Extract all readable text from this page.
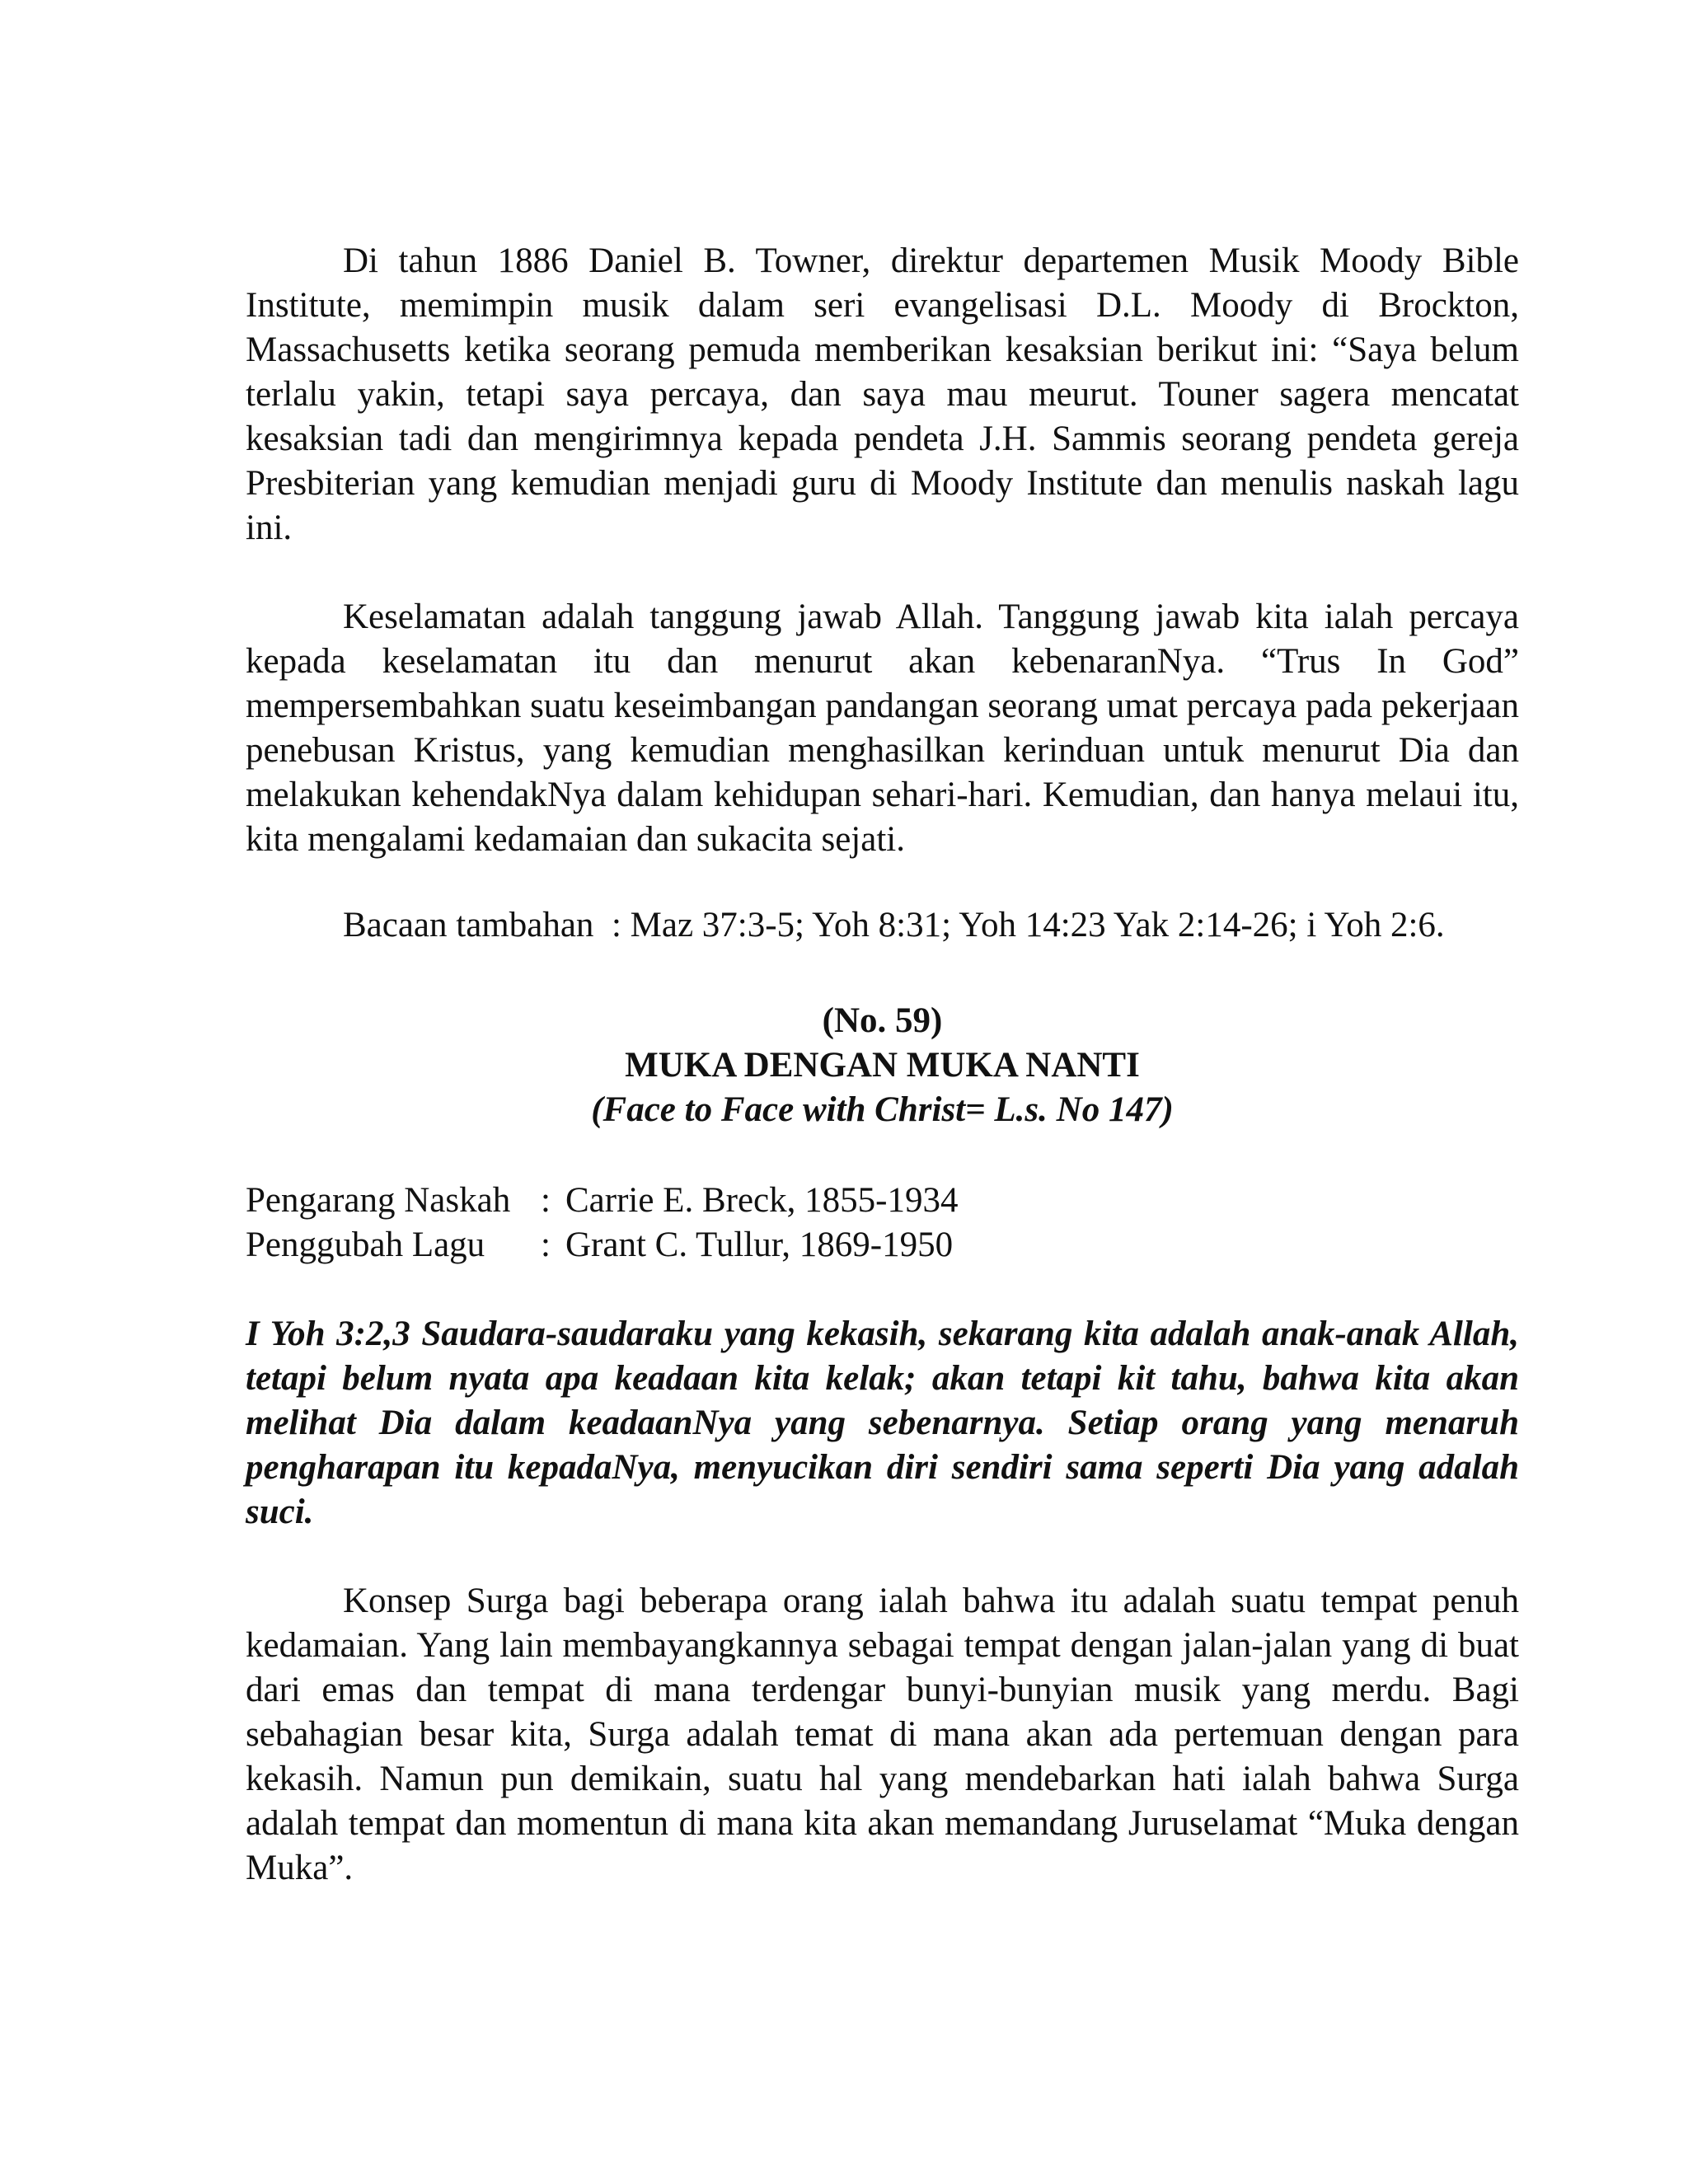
Di tahun 1886 Daniel B. Towner, direktur departemen Musik Moody Bible Institute, memimpin musik dalam seri evangelisasi D.L. Moody di Brockton, Massachusetts ketika seorang pemuda memberikan kesaksian berikut ini: “Saya belum terlalu yakin, tetapi saya percaya, dan saya mau meurut. Touner sagera mencatat kesaksian tadi dan mengirimnya kepada pendeta J.H. Sammis seorang pendeta gereja Presbiterian yang kemudian menjadi guru di Moody Institute dan menulis naskah lagu ini.

Keselamatan adalah tanggung jawab Allah. Tanggung jawab kita ialah percaya kepada keselamatan itu dan menurut akan kebenaranNya. “Trus In God” mempersembahkan suatu keseimbangan pandangan seorang umat percaya pada pekerjaan penebusan Kristus, yang kemudian menghasilkan kerinduan untuk menurut Dia dan melakukan kehendakNya dalam kehidupan sehari-hari. Kemudian, dan hanya melaui itu, kita mengalami kedamaian dan sukacita sejati.

Bacaan tambahan : Maz 37:3-5; Yoh 8:31; Yoh 14:23 Yak 2:14-26; i Yoh 2:6.

(No. 59)
MUKA DENGAN MUKA NANTI
(Face to Face with Christ= L.s. No 147)
Pengarang Naskah : Carrie E. Breck, 1855-1934
Penggubah Lagu	: Grant C. Tullur, 1869-1950

I Yoh 3:2,3 Saudara-saudaraku yang kekasih, sekarang kita adalah anak-anak Allah, tetapi belum nyata apa keadaan kita kelak; akan tetapi kit tahu, bahwa kita akan melihat Dia dalam keadaanNya yang sebenarnya. Setiap orang yang menaruh pengharapan itu kepadaNya, menyucikan diri sendiri sama seperti Dia yang adalah suci.

Konsep Surga bagi beberapa orang ialah bahwa itu adalah suatu tempat penuh kedamaian. Yang lain membayangkannya sebagai tempat dengan jalan-jalan yang di buat dari emas dan tempat di mana terdengar bunyi-bunyian musik yang merdu. Bagi sebahagian besar kita, Surga adalah temat di mana akan ada pertemuan dengan para kekasih. Namun pun demikain, suatu hal yang mendebarkan hati ialah bahwa Surga adalah tempat dan momentun di mana kita akan memandang Juruselamat “Muka dengan Muka”.
